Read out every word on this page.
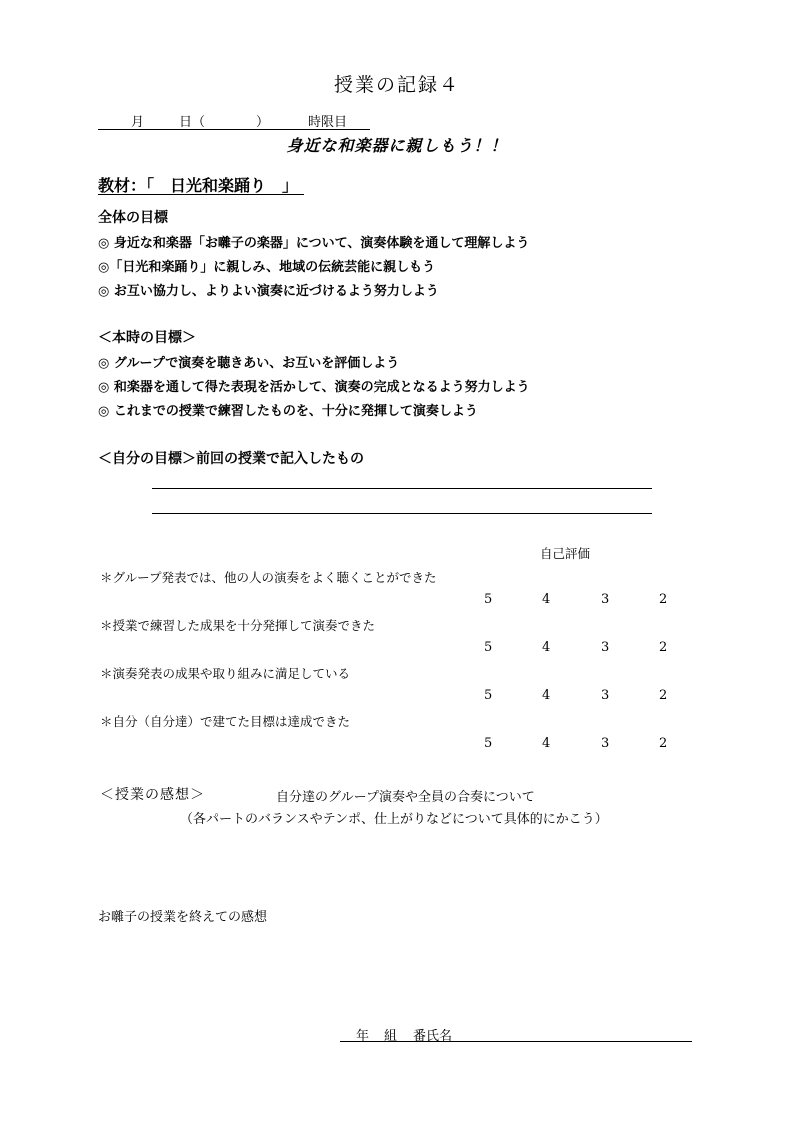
授業の記録４
月	日（	）	時限目
身近な和楽器に親しもう！！
教材：「　日光和楽踊り　」
全体の目標
◎ 身近な和楽器「お囃子の楽器」について、演奏体験を通して理解しよう
◎「日光和楽踊り」に親しみ、地域の伝統芸能に親しもう
◎ お互い協力し、よりよい演奏に近づけるよう努力しよう
＜本時の目標＞
◎ グループで演奏を聴きあい、お互いを評価しよう
◎ 和楽器を通して得た表現を活かして、演奏の完成となるよう努力しよう
◎ これまでの授業で練習したものを、十分に発揮して演奏しよう
＜自分の目標＞前回の授業で記入したもの
自己評価
＊グループ発表では、他の人の演奏をよく聴くことができた
5	4	3	2
＊授業で練習した成果を十分発揮して演奏できた
5	4	3	2
＊演奏発表の成果や取り組みに満足している
5	4	3	2
＊自分（自分達）で建てた目標は達成できた
5	4	3	2
＜授業の感想＞	自分達のグループ演奏や全員の合奏について
（各パートのバランスやテンポ、仕上がりなどについて具体的にかこう）
お囃子の授業を終えての感想
年 組 番氏名
